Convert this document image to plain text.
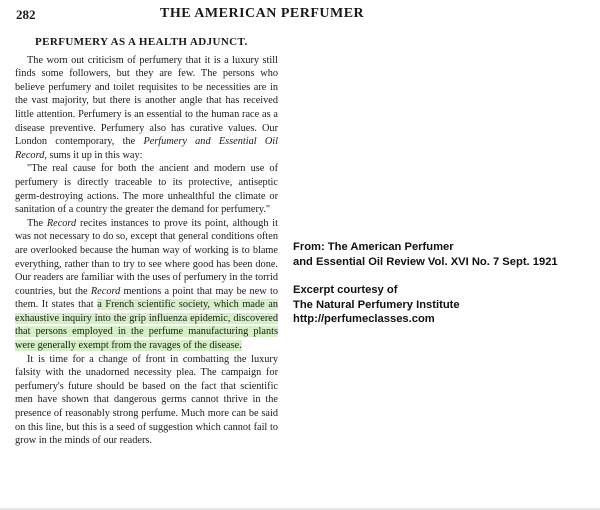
282	THE AMERICAN PERFUMER

PERFUMERY AS A HEALTH ADJUNCT.

The worn out criticism of perfumery that it is a luxury still finds some followers, but they are few. The persons who believe perfumery and toilet requisites to be necessities are in the vast majority, but there is another angle that has received little attention. Perfumery is an essential to the human race as a disease preventive. Perfumery also has curative values. Our London contemporary, the Perfumery and Essential Oil Record, sums it up in this way:

"The real cause for both the ancient and modern use of perfumery is directly traceable to its protective, antiseptic germ-destroying actions. The more unhealthful the climate or sanitation of a country the greater the demand for perfumery."

The Record recites instances to prove its point, although it was not necessary to do so, except that general conditions often are overlooked because the human way of working is to blame everything, rather than to try to see where good has been done. Our readers are familiar with the uses of perfumery in the torrid countries, but the Record mentions a point that may be new to them. It states that a French scientific society, which made an exhaustive inquiry into the grip influenza epidemic, discovered that persons employed in the perfume manufacturing plants were generally exempt from the ravages of the disease.

It is time for a change of front in combatting the luxury falsity with the unadorned necessity plea. The campaign for perfumery's future should be based on the fact that scientific men have shown that dangerous germs cannot thrive in the presence of reasonably strong perfume. Much more can be said on this line, but this is a seed of suggestion which cannot fail to grow in the minds of our readers.

From: The American Perfumer

and Essential Oil Review Vol. XVI No. 7 Sept. 1921

Excerpt courtesy of

The Natural Perfumery Institute

http://perfumeclasses.com
